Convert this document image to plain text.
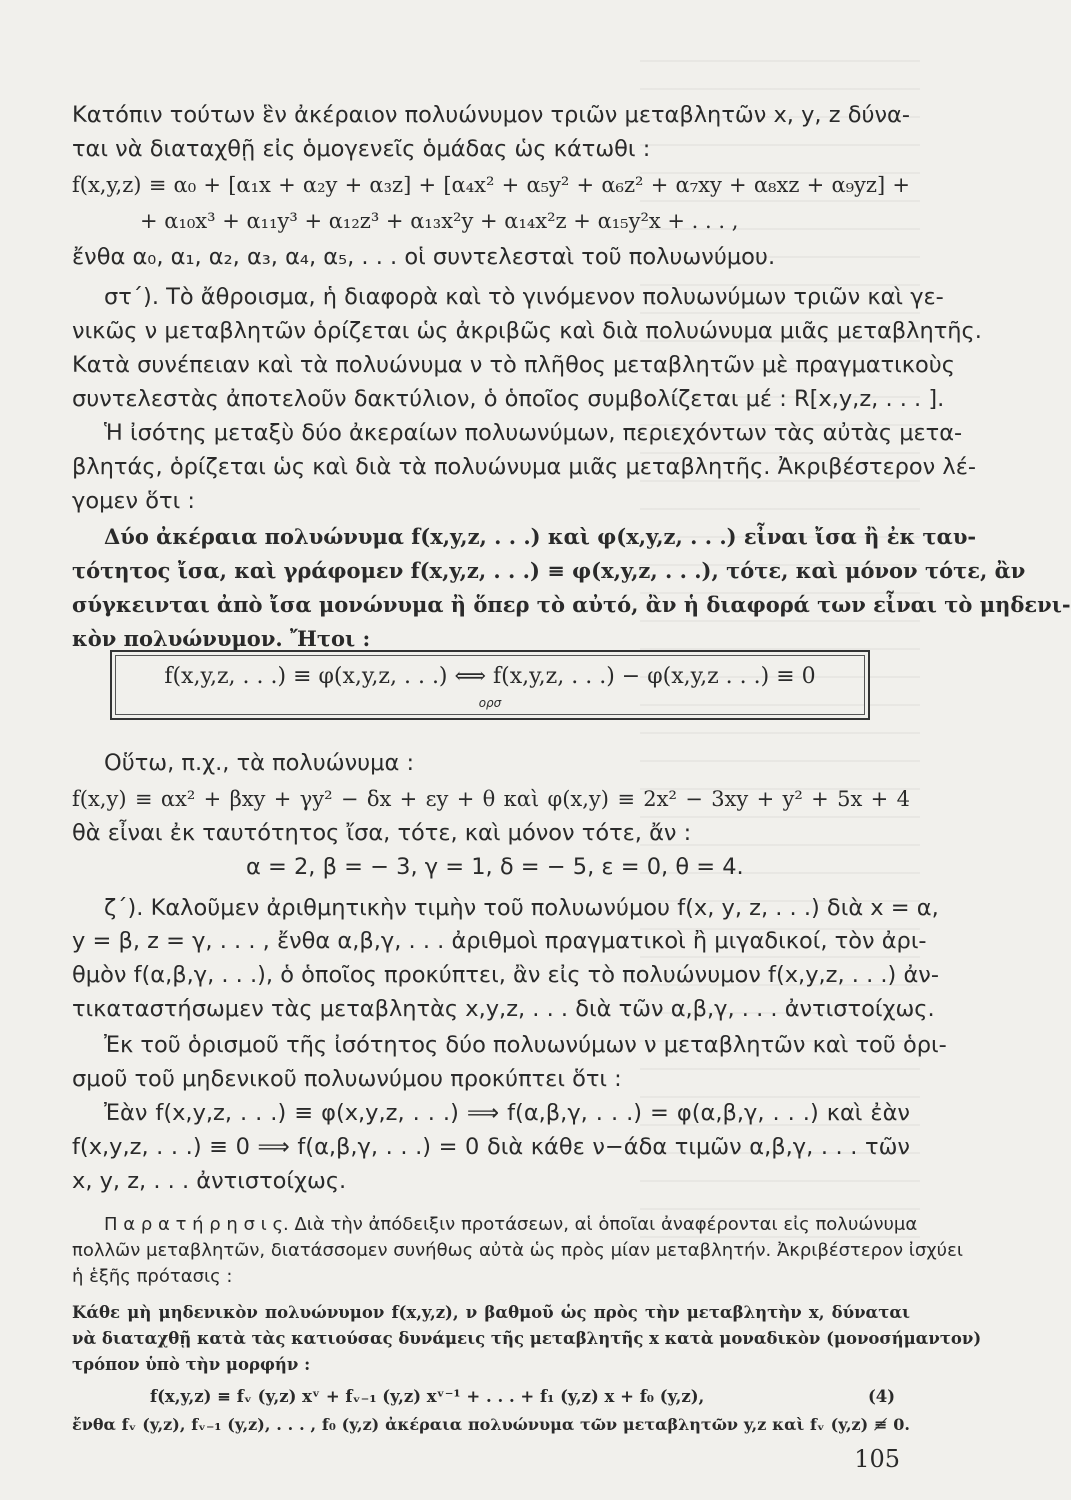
Κατόπιν τούτων ἓν ἀκέραιον πολυώνυμον τριῶν μεταβλητῶν x, y, z δύνα-
ται νὰ διαταχθῇ εἰς ὁμογενεῖς ὁμάδας ὡς κάτωθι :
f(x,y,z) ≡ α₀ + [α₁x + α₂y + α₃z] + [α₄x² + α₅y² + α₆z² + α₇xy + α₈xz + α₉yz] +
+ α₁₀x³ + α₁₁y³ + α₁₂z³ + α₁₃x²y + α₁₄x²z + α₁₅y²x + . . . ,
ἔνθα α₀, α₁, α₂, α₃, α₄, α₅, . . . οἱ συντελεσταὶ τοῦ πολυωνύμου.
στ΄). Τὸ ἄθροισμα, ἡ διαφορὰ καὶ τὸ γινόμενον πολυωνύμων τριῶν καὶ γε-
νικῶς ν μεταβλητῶν ὁρίζεται ὡς ἀκριβῶς καὶ διὰ πολυώνυμα μιᾶς μεταβλητῆς.
Κατὰ συνέπειαν καὶ τὰ πολυώνυμα ν τὸ πλῆθος μεταβλητῶν μὲ πραγματικοὺς
συντελεστὰς ἀποτελοῦν δακτύλιον, ὁ ὁποῖος συμβολίζεται μέ : R[x,y,z, . . . ].
Ἡ ἰσότης μεταξὺ δύο ἀκεραίων πολυωνύμων, περιεχόντων τὰς αὐτὰς μετα-
βλητάς, ὁρίζεται ὡς καὶ διὰ τὰ πολυώνυμα μιᾶς μεταβλητῆς. Ἀκριβέστερον λέ-
γομεν ὅτι :
Δύο ἀκέραια πολυώνυμα f(x,y,z, . . .) καὶ φ(x,y,z, . . .) εἶναι ἴσα ἢ ἐκ ταυ-
τότητος ἴσα, καὶ γράφομεν f(x,y,z, . . .) ≡ φ(x,y,z, . . .), τότε, καὶ μόνον τότε, ἂν
σύγκεινται ἀπὸ ἴσα μονώνυμα ἢ ὅπερ τὸ αὐτό, ἂν ἡ διαφορά των εἶναι τὸ μηδενι-
κὸν πολυώνυμον. Ἤτοι :
f(x,y,z, . . .) ≡ φ(x,y,z, . . .) ⟺ f(x,y,z, . . .) − φ(x,y,z . . .) ≡ 0
ορσ
Οὕτω, π.χ., τὰ πολυώνυμα :
f(x,y) ≡ αx² + βxy + γy² − δx + εy + θ καὶ φ(x,y) ≡ 2x² − 3xy + y² + 5x + 4
θὰ εἶναι ἐκ ταυτότητος ἴσα, τότε, καὶ μόνον τότε, ἄν :
α = 2, β = − 3, γ = 1, δ = − 5, ε = 0, θ = 4.
ζ΄). Καλοῦμεν ἀριθμητικὴν τιμὴν τοῦ πολυωνύμου f(x, y, z, . . .) διὰ x = α,
y = β, z = γ, . . . , ἔνθα α,β,γ, . . . ἀριθμοὶ πραγματικοὶ ἢ μιγαδικοί, τὸν ἀρι-
θμὸν f(α,β,γ, . . .), ὁ ὁποῖος προκύπτει, ἂν εἰς τὸ πολυώνυμον f(x,y,z, . . .) ἀν-
τικαταστήσωμεν τὰς μεταβλητὰς x,y,z, . . . διὰ τῶν α,β,γ, . . . ἀντιστοίχως.
Ἐκ τοῦ ὁρισμοῦ τῆς ἰσότητος δύο πολυωνύμων ν μεταβλητῶν καὶ τοῦ ὁρι-
σμοῦ τοῦ μηδενικοῦ πολυωνύμου προκύπτει ὅτι :
Ἐὰν f(x,y,z, . . .) ≡ φ(x,y,z, . . .) ⟹ f(α,β,γ, . . .) = φ(α,β,γ, . . .) καὶ ἐὰν
f(x,y,z, . . .) ≡ 0 ⟹ f(α,β,γ, . . .) = 0 διὰ κάθε ν−άδα τιμῶν α,β,γ, . . . τῶν
x, y, z, . . . ἀντιστοίχως.
Π α ρ α τ ή ρ η σ ι ς. Διὰ τὴν ἀπόδειξιν προτάσεων, αἱ ὁποῖαι ἀναφέρονται εἰς πολυώνυμα
πολλῶν μεταβλητῶν, διατάσσομεν συνήθως αὐτὰ ὡς πρὸς μίαν μεταβλητήν. Ἀκριβέστερον ἰσχύει
ἡ ἑξῆς πρότασις :
Κάθε μὴ μηδενικὸν πολυώνυμον f(x,y,z), ν βαθμοῦ ὡς πρὸς τὴν μεταβλητὴν x, δύναται
νὰ διαταχθῇ κατὰ τὰς κατιούσας δυνάμεις τῆς μεταβλητῆς x κατὰ μοναδικὸν (μονοσήμαντον)
τρόπον ὑπὸ τὴν μορφήν :
f(x,y,z) ≡ fᵥ (y,z) xᵛ + fᵥ₋₁ (y,z) xᵛ⁻¹ + . . . + f₁ (y,z) x + f₀ (y,z),	(4)
ἔνθα fᵥ (y,z), fᵥ₋₁ (y,z), . . . , f₀ (y,z) ἀκέραια πολυώνυμα τῶν μεταβλητῶν y,z καὶ fᵥ (y,z) ≢ 0.
105
